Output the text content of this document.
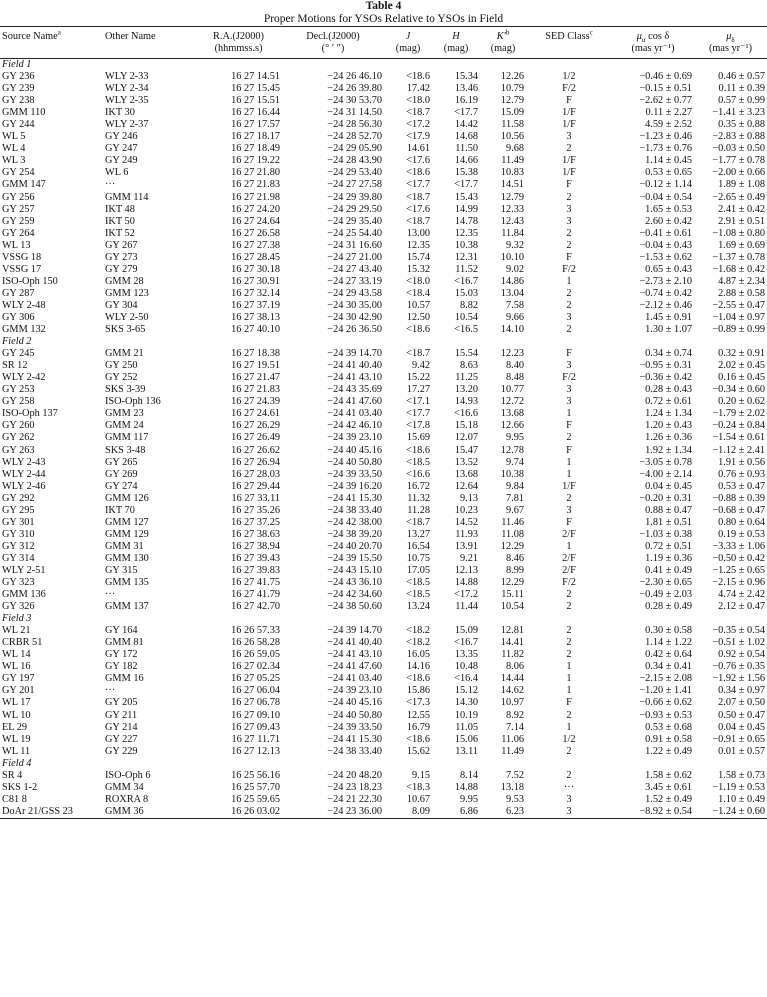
Table 4
Proper Motions for YSOs Relative to YSOs in Field
Source Name$^a$	Other Name	R.A.(J2000)	Decl.(J2000)	J	H	$K'^b$	SED Class$^c$	$\mu_\alpha$ cos δ	$\mu_\delta$
		(hhmmss.s)	(° ′ ″)	(mag)	(mag)	(mag)		(mas yr⁻¹)	(mas yr⁻¹)
Field 1									
GY 236	WLY 2-33	16 27 14.51	−24 26 46.10	<18.6	15.34	12.26	1/2	−0.46 ± 0.69	0.46 ± 0.57
GY 239	WLY 2-34	16 27 15.45	−24 26 39.80	17.42	13.46	10.79	F/2	−0.15 ± 0.51	0.11 ± 0.39
GY 238	WLY 2-35	16 27 15.51	−24 30 53.70	<18.0	16.19	12.79	F	−2.62 ± 0.77	0.57 ± 0.99
GMM 110	IKT 30	16 27 16.44	−24 31 14.50	<18.7	<17.7	15.09	1/F	0.11 ± 2.27	−1.41 ± 3.23
GY 244	WLY 2-37	16 27 17.57	−24 28 56.30	<17.2	14.42	11.58	1/F	4.59 ± 2.52	0.35 ± 0.88
WL 5	GY 246	16 27 18.17	−24 28 52.70	<17.9	14.68	10.56	3	−1.23 ± 0.46	−2.83 ± 0.88
WL 4	GY 247	16 27 18.49	−24 29 05.90	14.61	11.50	9.68	2	−1.73 ± 0.76	−0.03 ± 0.50
WL 3	GY 249	16 27 19.22	−24 28 43.90	<17.6	14.66	11.49	1/F	1.14 ± 0.45	−1.77 ± 0.78
GY 254	WL 6	16 27 21.80	−24 29 53.40	<18.6	15.38	10.83	1/F	0.53 ± 0.65	−2.00 ± 0.66
GMM 147	···	16 27 21.83	−24 27 27.58	<17.7	<17.7	14.51	F	−0.12 ± 1.14	1.89 ± 1.08
GY 256	GMM 114	16 27 21.98	−24 29 39.80	<18.7	15.43	12.79	2	−0.04 ± 0.54	−2.65 ± 0.49
GY 257	IKT 48	16 27 24.20	−24 29 29.50	<17.6	14.99	12.33	3	1.65 ± 0.53	2.41 ± 0.42
GY 259	IKT 50	16 27 24.64	−24 29 35.40	<18.7	14.78	12.43	3	2.60 ± 0.42	2.91 ± 0.51
GY 264	IKT 52	16 27 26.58	−24 25 54.40	13.00	12.35	11.84	2	−0.41 ± 0.61	−1.08 ± 0.80
WL 13	GY 267	16 27 27.38	−24 31 16.60	12.35	10.38	9.32	2	−0.04 ± 0.43	1.69 ± 0.69
VSSG 18	GY 273	16 27 28.45	−24 27 21.00	15.74	12.31	10.10	F	−1.53 ± 0.62	−1.37 ± 0.78
VSSG 17	GY 279	16 27 30.18	−24 27 43.40	15.32	11.52	9.02	F/2	0.65 ± 0.43	−1.68 ± 0.42
ISO-Oph 150	GMM 28	16 27 30.91	−24 27 33.19	<18.0	<16.7	14.86	1	−2.73 ± 2.10	4.87 ± 2.34
GY 287	GMM 123	16 27 32.14	−24 29 43.58	<18.4	15.03	13.04	2	−0.74 ± 0.42	2.88 ± 0.58
WLY 2-48	GY 304	16 27 37.19	−24 30 35.00	10.57	8.82	7.58	2	−2.12 ± 0.46	−2.55 ± 0.47
GY 306	WLY 2-50	16 27 38.13	−24 30 42.90	12.50	10.54	9.66	3	1.45 ± 0.91	−1.04 ± 0.97
GMM 132	SKS 3-65	16 27 40.10	−24 26 36.50	<18.6	<16.5	14.10	2	1.30 ± 1.07	−0.89 ± 0.99
Field 2									
GY 245	GMM 21	16 27 18.38	−24 39 14.70	<18.7	15.54	12.23	F	0.34 ± 0.74	0.32 ± 0.91
SR 12	GY 250	16 27 19.51	−24 41 40.40	9.42	8.63	8.40	3	−0.95 ± 0.31	2.02 ± 0.45
WLY 2-42	GY 252	16 27 21.47	−24 41 43.10	15.22	11.25	8.48	F/2	−0.36 ± 0.42	0.16 ± 0.45
GY 253	SKS 3-39	16 27 21.83	−24 43 35.69	17.27	13.20	10.77	3	0.28 ± 0.43	−0.34 ± 0.60
GY 258	ISO-Oph 136	16 27 24.39	−24 41 47.60	<17.1	14.93	12.72	3	0.72 ± 0.61	0.20 ± 0.62
ISO-Oph 137	GMM 23	16 27 24.61	−24 41 03.40	<17.7	<16.6	13.68	1	1.24 ± 1.34	−1.79 ± 2.02
GY 260	GMM 24	16 27 26.29	−24 42 46.10	<17.8	15.18	12.66	F	1.20 ± 0.43	−0.24 ± 0.84
GY 262	GMM 117	16 27 26.49	−24 39 23.10	15.69	12.07	9.95	2	1.26 ± 0.36	−1.54 ± 0.61
GY 263	SKS 3-48	16 27 26.62	−24 40 45.16	<18.6	15.47	12.78	F	1.92 ± 1.34	−1.12 ± 2.41
WLY 2-43	GY 265	16 27 26.94	−24 40 50.80	<18.5	13.52	9.74	1	−3.05 ± 0.78	1.91 ± 0.56
WLY 2-44	GY 269	16 27 28.03	−24 39 33.50	<16.6	13.68	10.38	1	−4.00 ± 2.14	0.76 ± 0.93
WLY 2-46	GY 274	16 27 29.44	−24 39 16.20	16.72	12.64	9.84	1/F	0.04 ± 0.45	0.53 ± 0.47
GY 292	GMM 126	16 27 33.11	−24 41 15.30	11.32	9.13	7.81	2	−0.20 ± 0.31	−0.88 ± 0.39
GY 295	IKT 70	16 27 35.26	−24 38 33.40	11.28	10.23	9.67	3	0.88 ± 0.47	−0.68 ± 0.47
GY 301	GMM 127	16 27 37.25	−24 42 38.00	<18.7	14.52	11.46	F	1.81 ± 0.51	0.80 ± 0.64
GY 310	GMM 129	16 27 38.63	−24 38 39.20	13.27	11.93	11.08	2/F	−1.03 ± 0.38	0.19 ± 0.53
GY 312	GMM 31	16 27 38.94	−24 40 20.70	16.54	13.91	12.29	1	0.72 ± 0.51	−3.33 ± 1.06
GY 314	GMM 130	16 27 39.43	−24 39 15.50	10.75	9.21	8.46	2/F	1.19 ± 0.36	−0.50 ± 0.42
WLY 2-51	GY 315	16 27 39.83	−24 43 15.10	17.05	12.13	8.99	2/F	0.41 ± 0.49	−1.25 ± 0.65
GY 323	GMM 135	16 27 41.75	−24 43 36.10	<18.5	14.88	12.29	F/2	−2.30 ± 0.65	−2.15 ± 0.96
GMM 136	···	16 27 41.79	−24 42 34.60	<18.5	<17.2	15.11	2	−0.49 ± 2.03	4.74 ± 2.42
GY 326	GMM 137	16 27 42.70	−24 38 50.60	13.24	11.44	10.54	2	0.28 ± 0.49	2.12 ± 0.47
Field 3									
WL 21	GY 164	16 26 57.33	−24 39 14.70	<18.2	15.09	12.81	2	0.30 ± 0.58	−0.35 ± 0.54
CRBR 51	GMM 81	16 26 58.28	−24 41 40.40	<18.2	<16.7	14.41	2	1.14 ± 1.22	−0.51 ± 1.02
WL 14	GY 172	16 26 59.05	−24 41 43.10	16.05	13.35	11.82	2	0.42 ± 0.64	0.92 ± 0.54
WL 16	GY 182	16 27 02.34	−24 41 47.60	14.16	10.48	8.06	1	0.34 ± 0.41	−0.76 ± 0.35
GY 197	GMM 16	16 27 05.25	−24 41 03.40	<18.6	<16.4	14.44	1	−2.15 ± 2.08	−1.92 ± 1.56
GY 201	···	16 27 06.04	−24 39 23.10	15.86	15.12	14.62	1	−1.20 ± 1.41	0.34 ± 0.97
WL 17	GY 205	16 27 06.78	−24 40 45.16	<17.3	14.30	10.97	F	−0.66 ± 0.62	2.07 ± 0.50
WL 10	GY 211	16 27 09.10	−24 40 50.80	12.55	10.19	8.92	2	−0.93 ± 0.53	0.50 ± 0.47
EL 29	GY 214	16 27 09.43	−24 39 33.50	16.79	11.05	7.14	1	0.53 ± 0.68	0.04 ± 0.45
WL 19	GY 227	16 27 11.71	−24 41 15.30	<18.6	15.06	11.06	1/2	0.91 ± 0.58	−0.91 ± 0.65
WL 11	GY 229	16 27 12.13	−24 38 33.40	15.62	13.11	11.49	2	1.22 ± 0.49	0.01 ± 0.57
Field 4									
SR 4	ISO-Oph 6	16 25 56.16	−24 20 48.20	9.15	8.14	7.52	2	1.58 ± 0.62	1.58 ± 0.73
SKS 1-2	GMM 34	16 25 57.70	−24 23 18.23	<18.3	14.88	13.18	···	3.45 ± 0.61	−1.19 ± 0.53
C81 8	ROXRA 8	16 25 59.65	−24 21 22.30	10.67	9.95	9.53	3	1.52 ± 0.49	1.10 ± 0.49
DoAr 21/GSS 23	GMM 36	16 26 03.02	−24 23 36.00	8.09	6.86	6.23	3	−8.92 ± 0.54	−1.24 ± 0.60
